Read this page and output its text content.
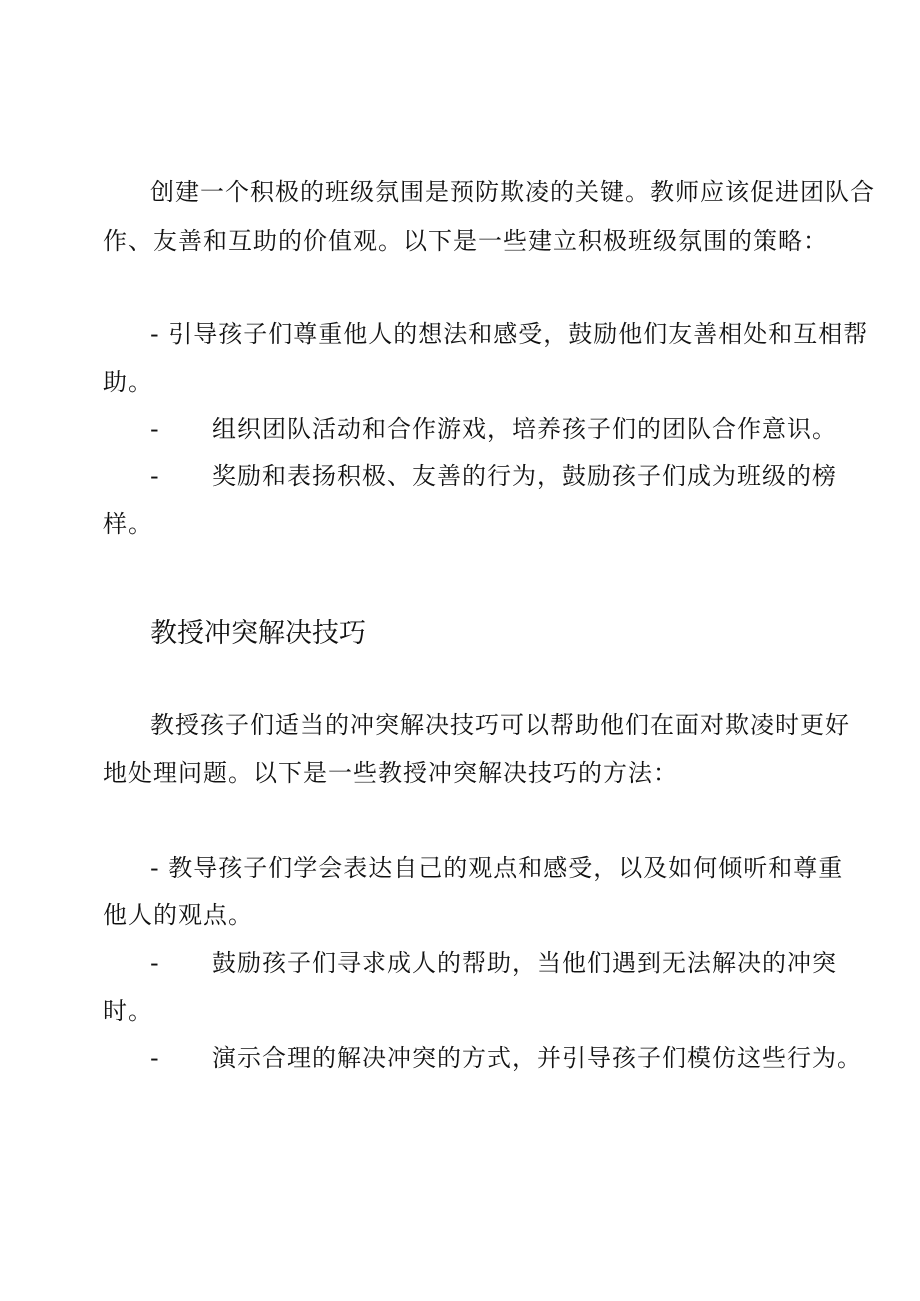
创建一个积极的班级氛围是预防欺凌的关键。教师应该促进团队合
作、友善和互助的价值观。以下是一些建立积极班级氛围的策略：
- 引导孩子们尊重他人的想法和感受，鼓励他们友善相处和互相帮
助。
- 组织团队活动和合作游戏，培养孩子们的团队合作意识。
- 奖励和表扬积极、友善的行为，鼓励孩子们成为班级的榜
样。
教授冲突解决技巧
教授孩子们适当的冲突解决技巧可以帮助他们在面对欺凌时更好
地处理问题。以下是一些教授冲突解决技巧的方法：
- 教导孩子们学会表达自己的观点和感受，以及如何倾听和尊重
他人的观点。
- 鼓励孩子们寻求成人的帮助，当他们遇到无法解决的冲突
时。
- 演示合理的解决冲突的方式，并引导孩子们模仿这些行为。
